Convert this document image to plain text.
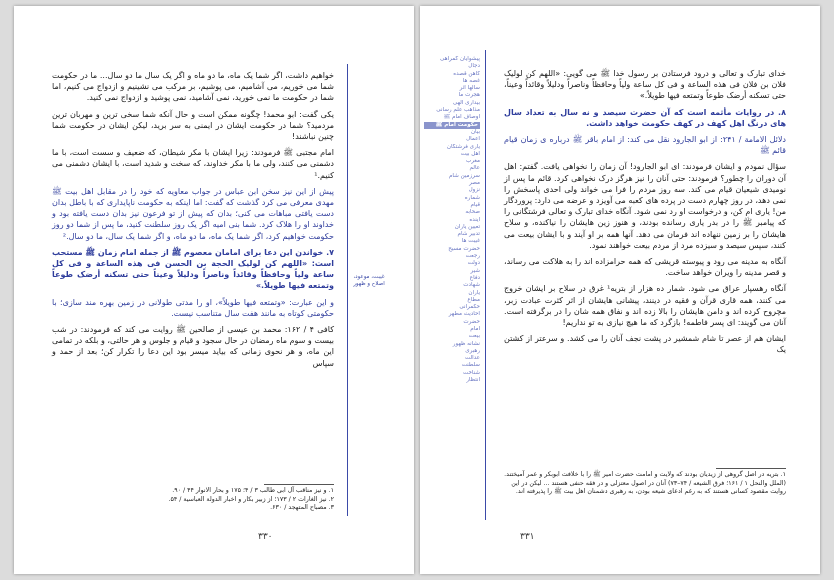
خواهیم داشت، اگر شما یک ماه، ما دو ماه و اگر یک سال ما دو سال... ما در حکومت شما می خوریم، می آشامیم، می پوشیم، بر مرکب می نشینیم و ازدواج می کنیم، اما شما در حکومت ما نمی خورید، نمی آشامید، نمی پوشید و ازدواج نمی کنید.

یکی گفت: ابو محمد! چگونه ممکن است و حال آنکه شما سخی ترین و مهربان ترین مردمید؟ شما در حکومت ایشان در ایمنی به سر برید، لیکن ایشان در حکومت شما چنین نباشند!

امام مجتبی ﷺ فرمودند: زیرا ایشان با مکر شیطان، که ضعیف و سست است، با ما دشمنی می کنند، ولی ما با مکر خداوند، که سخت و شدید است، با ایشان دشمنی می کنیم.¹

پیش از این نیز سخن ابن عباس در جواب معاویه که خود را در مقابل اهل بیت ﷺ مهدی معرفی می کرد گذشت که گفت: اما اینکه به حکومت ناپایداری که با باطل بدان دست یافتی مباهات می کنی؛ بدان که پیش از تو فرعون نیز بدان دست یافته بود و خداوند او را هلاک کرد. شما بنی امیه اگر یک روز سلطنت کنید، ما پس از شما دو روز حکومت خواهیم کرد، اگر شما یک ماه، ما دو ماه، و اگر شما یک سال، ما دو سال.²

۷. خواندن این دعا برای امامان معصوم ﷺ از جمله امام زمان ﷺ مستحب است: «اللهم کن لولیک الحجة بن الحسن فی هذه الساعة و فی کل ساعة ولیاً وحافظاً وقائداً وناصراً ودلیلاً وعیناً حتی تسکنه أرضک طوعاً وتمتعه فیها طویلاً.»

و این عبارت: «وتمتعه فیها طویلاً»، او را مدتی طولانی در زمین بهره مند سازی؛ با حکومتی کوتاه به مانند هفت سال متناسب نیست.

کافی ۴ / ۱۶۲: محمد بن عیسی از صالحین ﷺ روایت می کند که فرمودند: در شب بیست و سوم ماه رمضان در حال سجود و قیام و جلوس و هر حالتی، و بلکه در تمامی این ماه، و هر نحوی زمانی که بیاید میسر بود این دعا را تکرار کن؛ بعد از حمد و سپاس

۱. و نیز مناقب آل ابی طالب ۳ / ۴؛ ۱۷۵ و بحار الانوار ۴۴ / ۹۰.
۲. نیز الغارات ۲ / ۱۷۳؛ از زبیر بکار و اخبار الدولة العباسیة / ۵۴.
۳. مصباح المتهجد / ۶۳۰.
۳۳۰
غیبت، موعود، اصلاح و ظهور
پیشوایان گمراهی
دجال
کاهن قصده
غصه ها
سالها اثر
هجرت ما
بیداری الهی
مذاهب علم رسانی
اوصاف امام ﷺ
حکومت امام ﷺ
بیان
اعمال
یاری فرشتگان
اهل بیت
مغرب
عالم
سرزمین شام
مصر
نزول
شماره
قیام
صحابه
آینده
تعیین یاران
تدبیر شام
غیبت ها
حضرت مسیح
رجعت
دولت
شیر
دفاع
شهادت
یاران
مطاع
حکمرانی
احادیث مطهر
حضرت
امام
بیعت
نشانه ظهور
رهبری
عدالت
سلطنت
شناخت
انتظار

خدای تبارک و تعالی و درود فرستادن بر رسول خدا ﷺ می گویی: «اللهم کن لولیک فلان بن فلان فی هذه الساعة و فی کل ساعة ولیاً وحافظاً وناصراً ودلیلاً وقائداً وعیناً، حتی تسکنه أرضک طوعاً وتمتعه فیها طویلاً.»

۸. در روایات مأثمه است که آن حضرت سیصد و نه سال به تعداد سال های درنگ اهل کهف در کهف حکومت خواهد داشت.

دلائل الامامة / ۲۴۱: از ابو الجارود نقل می کند: از امام باقر ﷺ درباره ی زمان قیام قائم ﷺ

سؤال نمودم و ایشان فرمودند: ای ابو الجارود! آن زمان را نخواهی یافت. گفتم: اهل آن دوران را چطور؟ فرمودند: حتی آنان را نیز هرگز درک نخواهی کرد. قائم ما پس از نومیدی شیعیان قیام می کند. سه روز مردم را فرا می خواند ولی احدی پاسخش را نمی دهد، در روز چهارم دست در پرده های کعبه می آویزد و عرضه می دارد: پروردگار من! یاری ام کن، و درخواست او رد نمی شود. آنگاه خدای تبارک و تعالی فرشتگانی را که پیامبر ﷺ را در بدر یاری رسانده بودند، و هنوز زین هایشان را نیاکنده، و سلاح هایشان را بر زمین ننهاده اند فرمان می دهد. آنها همه بر او آیند و با ایشان بیعت می کنند، سپس سیصد و سیزده مرد از مردم بیعت خواهند نمود.

آنگاه به مدینه می رود و پیوسته قریشی که همه حرامزاده اند را به هلاکت می رساند، و قصر مدینه را ویران خواهد ساخت.

آنگاه رهسپار عراق می شود. شمار ده هزار از بتریه¹ غرق در سلاح بر ایشان خروج می کنند، همه قاری قرآن و فقیه در دینند، پیشانی هایشان از اثر کثرت عبادت زبر، مچروح کرده اند و دامن هایشان را بالا زده اند و نفاق همه شان را در برگرفته است. آنان می گویند: ای پسر فاطمه! بازگرد که ما هیچ نیازی به تو نداریم!

ایشان هم از عصر تا شام شمشیر در پشت نجف آنان را می کشد. و سرعتر از کشتن یک

۱. بتریه در اصل گروهی از زیدیان بودند که ولایت و امامت حضرت امیر ﷺ را با خلافت ابوبکر و عمر آمیختند. (الملل والنحل ۱ / ۱۶۱؛ فرق الشیعه / ۷۴–۷۳) آنان در اصول معتزلی و در فقه حنفی هستند ... لیکن در این روایت مقصود کسانی هستند که به رغم ادعای شیعه بودن، به رهبری دشمنان اهل بیت ﷺ را پذیرفته اند.
۳۳۱
